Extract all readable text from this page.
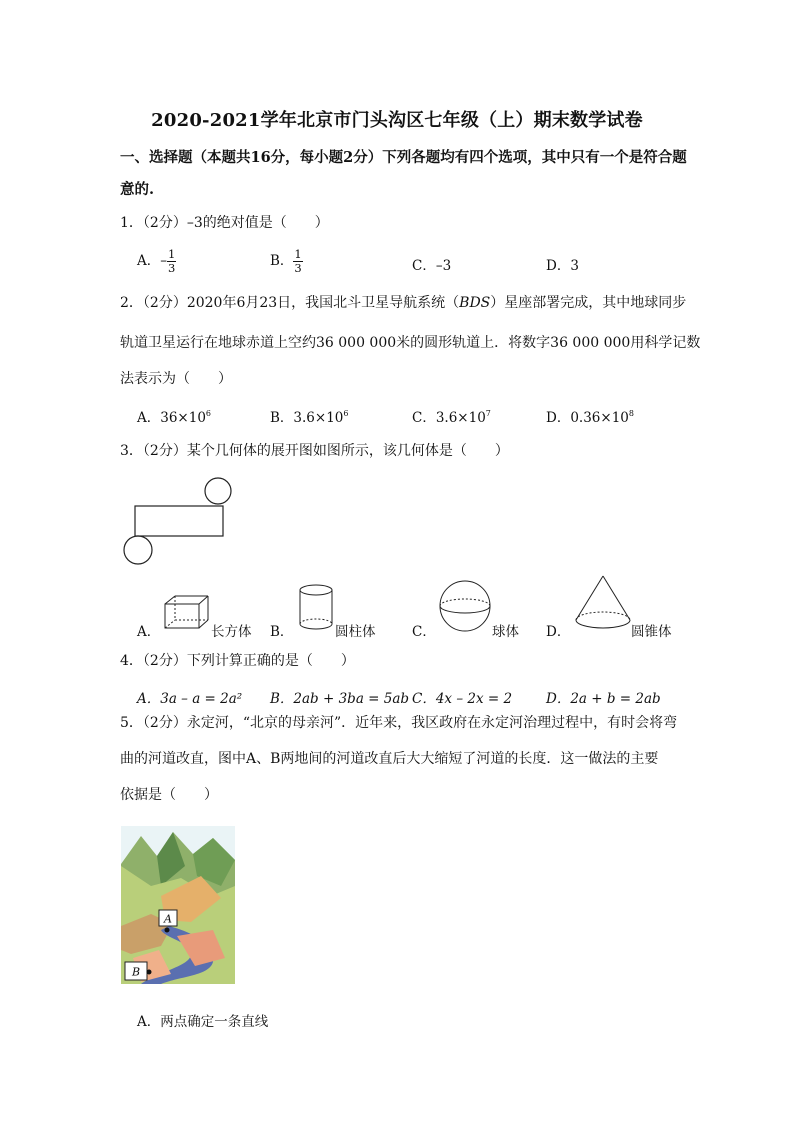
2020-2021学年北京市门头沟区七年级（上）期末数学试卷
一、选择题（本题共16分，每小题2分）下列各题均有四个选项，其中只有一个是符合题
意的.
1．（2分）–3的绝对值是（　　）
A．– $\frac{1}{3}$	B． $\frac{1}{3}$	C．–3	D．3
2．（2分）2020年6月23日，我国北斗卫星导航系统（BDS）星座部署完成，其中地球同步
轨道卫星运行在地球赤道上空约36 000 000米的圆形轨道上．将数字36 000 000用科学记数
法表示为（　　）
A．$36\times 10^6$	B．$3.6\times 10^6$	C．$3.6\times 10^7$	D．$0.36\times 10^8$
3．（2分）某个几何体的展开图如图所示，该几何体是（　　）
A．	长方体 B．	圆柱体	C．	球体 D．	圆锥体
4．（2分）下列计算正确的是（　　）
A．3a – a = 2a² B．2ab + 3ba = 5ab C．4x – 2x = 2	D．2a + b = 2ab
5．（2分）永定河，“北京的母亲河”．近年来，我区政府在永定河治理过程中，有时会将弯
曲的河道改直，图中A、B两地间的河道改直后大大缩短了河道的长度．这一做法的主要
依据是（　　）
A
B
A．两点确定一条直线
